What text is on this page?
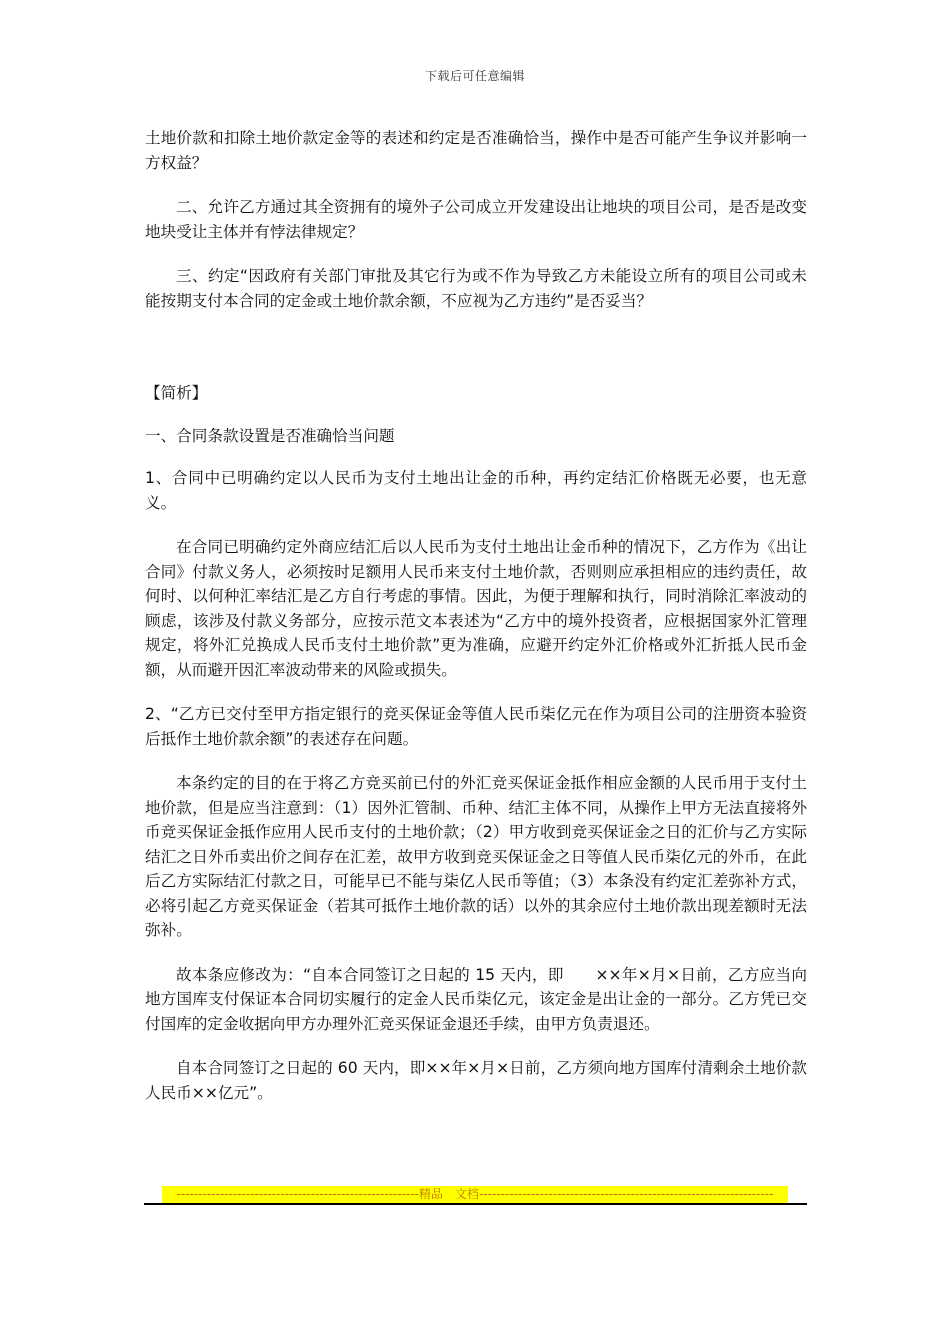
下载后可任意编辑

土地价款和扣除土地价款定金等的表述和约定是否准确恰当，操作中是否可能产生争议并影响一方权益？

二、允许乙方通过其全资拥有的境外子公司成立开发建设出让地块的项目公司，是否是改变地块受让主体并有悖法律规定？

三、约定“因政府有关部门审批及其它行为或不作为导致乙方未能设立所有的项目公司或未能按期支付本合同的定金或土地价款余额，不应视为乙方违约”是否妥当？

【简析】

一、合同条款设置是否准确恰当问题

1、合同中已明确约定以人民币为支付土地出让金的币种，再约定结汇价格既无必要，也无意义。

在合同已明确约定外商应结汇后以人民币为支付土地出让金币种的情况下，乙方作为《出让合同》付款义务人，必须按时足额用人民币来支付土地价款，否则则应承担相应的违约责任，故何时、以何种汇率结汇是乙方自行考虑的事情。因此，为便于理解和执行，同时消除汇率波动的顾虑，该涉及付款义务部分，应按示范文本表述为“乙方中的境外投资者，应根据国家外汇管理规定，将外汇兑换成人民币支付土地价款”更为准确，应避开约定外汇价格或外汇折抵人民币金额，从而避开因汇率波动带来的风险或损失。

2、“乙方已交付至甲方指定银行的竞买保证金等值人民币柒亿元在作为项目公司的注册资本验资后抵作土地价款余额”的表述存在问题。

本条约定的目的在于将乙方竞买前已付的外汇竞买保证金抵作相应金额的人民币用于支付土地价款，但是应当注意到：（1）因外汇管制、币种、结汇主体不同，从操作上甲方无法直接将外币竞买保证金抵作应用人民币支付的土地价款；（2）甲方收到竞买保证金之日的汇价与乙方实际结汇之日外币卖出价之间存在汇差，故甲方收到竞买保证金之日等值人民币柒亿元的外币，在此后乙方实际结汇付款之日，可能早已不能与柒亿人民币等值；（3）本条没有约定汇差弥补方式，必将引起乙方竞买保证金（若其可抵作土地价款的话）以外的其余应付土地价款出现差额时无法弥补。

故本条应修改为：“自本合同签订之日起的 15 天内，即　　××年×月×日前，乙方应当向地方国库支付保证本合同切实履行的定金人民币柒亿元，该定金是出让金的一部分。乙方凭已交付国库的定金收据向甲方办理外汇竞买保证金退还手续，由甲方负责退还。

自本合同签订之日起的 60 天内，即××年×月×日前，乙方须向地方国库付清剩余土地价款人民币××亿元”。

--------------------------------------------------------精品　文档--------------------------------------------------------------------
